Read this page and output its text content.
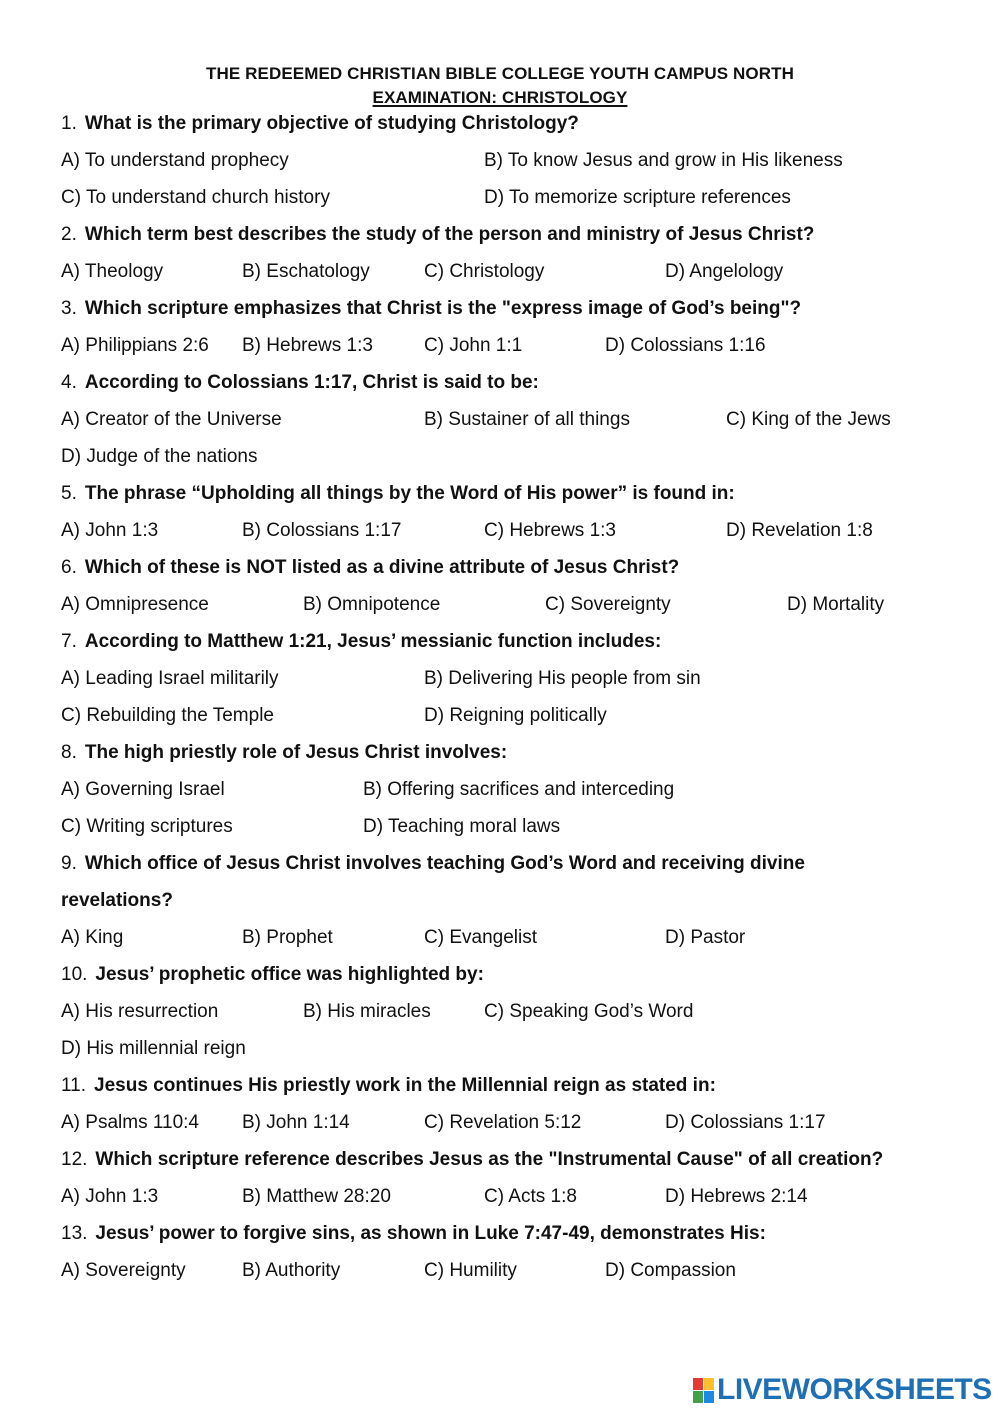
THE REDEEMED CHRISTIAN BIBLE COLLEGE YOUTH CAMPUS NORTH
EXAMINATION: CHRISTOLOGY
1. What is the primary objective of studying Christology?
A) To understand prophecy	B) To know Jesus and grow in His likeness
C) To understand church history	D) To memorize scripture references
2. Which term best describes the study of the person and ministry of Jesus Christ?
A) Theology	B) Eschatology	C) Christology	D) Angelology
3. Which scripture emphasizes that Christ is the "express image of God’s being"?
A) Philippians 2:6 B) Hebrews 1:3	C) John 1:1	D) Colossians 1:16
4. According to Colossians 1:17, Christ is said to be:
A) Creator of the Universe	B) Sustainer of all things	C) King of the Jews
D) Judge of the nations
5. The phrase “Upholding all things by the Word of His power” is found in:
A) John 1:3	B) Colossians 1:17	C) Hebrews 1:3	D) Revelation 1:8
6. Which of these is NOT listed as a divine attribute of Jesus Christ?
A) Omnipresence	B) Omnipotence	C) Sovereignty	D) Mortality
7. According to Matthew 1:21, Jesus’ messianic function includes:
A) Leading Israel militarily	B) Delivering His people from sin
C) Rebuilding the Temple	D) Reigning politically
8. The high priestly role of Jesus Christ involves:
A) Governing Israel	B) Offering sacrifices and interceding
C) Writing scriptures	D) Teaching moral laws
9. Which office of Jesus Christ involves teaching God’s Word and receiving divine
revelations?
A) King	B) Prophet	C) Evangelist	D) Pastor
10. Jesus’ prophetic office was highlighted by:
A) His resurrection	B) His miracles	C) Speaking God’s Word
D) His millennial reign
11. Jesus continues His priestly work in the Millennial reign as stated in:
A) Psalms 110:4 B) John 1:14	C) Revelation 5:12	D) Colossians 1:17
12. Which scripture reference describes Jesus as the "Instrumental Cause" of all creation?
A) John 1:3	B) Matthew 28:20	C) Acts 1:8	D) Hebrews 2:14
13. Jesus’ power to forgive sins, as shown in Luke 7:47-49, demonstrates His:
A) Sovereignty	B) Authority	C) Humility	D) Compassion
LIVEWORKSHEETS
